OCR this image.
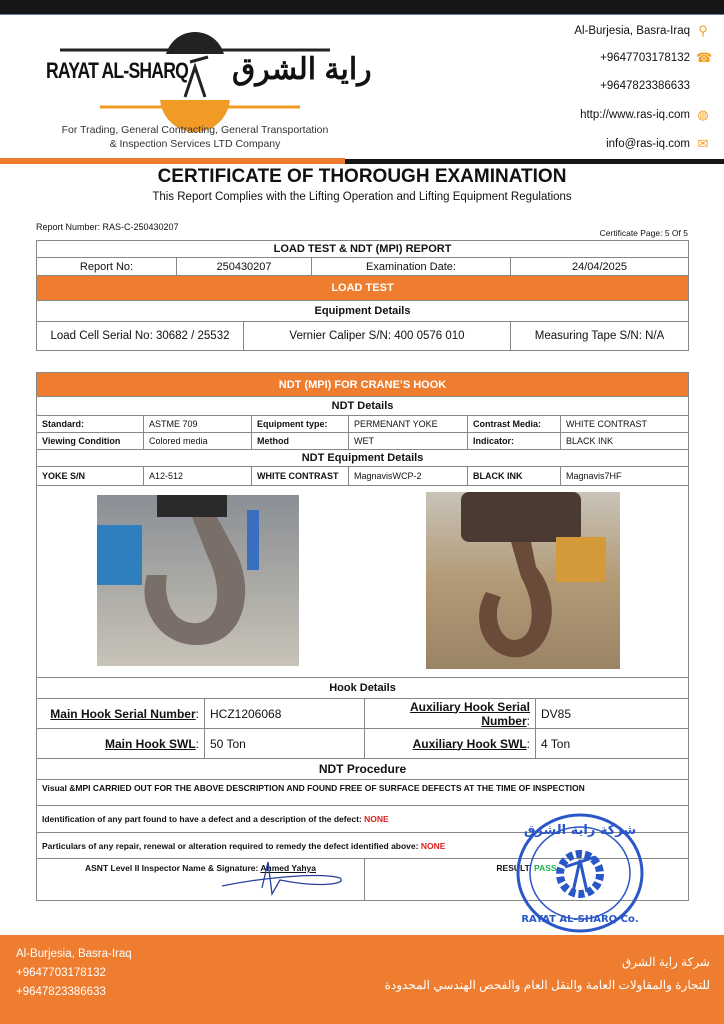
RAYAT AL-SHARQ راية الشرق
For Trading, General Contracting, General Transportation
& Inspection Services LTD Company
Al-Burjesia, Basra-Iraq ⚲
+9647703178132 ☎
+9647823386633
http://www.ras-iq.com ◍
info@ras-iq.com ✉
CERTIFICATE OF THOROUGH EXAMINATION
This Report Complies with the Lifting Operation and Lifting Equipment Regulations
Report Number: RAS-C-250430207
Certificate Page: 5 Of 5
LOAD TEST & NDT (MPI) REPORT				
Report No:	250430207		Examination Date:	24/04/2025
LOAD TEST				
Equipment Details				
Load Cell Serial No: 30682 / 25532		Vernier Caliper S/N: 400 0576 010		Measuring Tape S/N: N/A
NDT (MPI) FOR CRANE’S HOOK					
NDT Details					
Standard:	ASTME 709	Equipment type:	PERMENANT YOKE	Contrast Media:	WHITE CONTRAST
Viewing Condition	Colored media	Method	WET	Indicator:	BLACK INK
NDT Equipment Details					
YOKE S/N	A12-512	WHITE CONTRAST	MagnavisWCP-2	BLACK INK	Magnavis7HF

Hook Details			
Main Hook Serial Number:	HCZ1206068	Auxiliary Hook Serial Number:	DV85
Main Hook SWL:	50 Ton	Auxiliary Hook SWL:	4 Ton
NDT Procedure			
Visual &MPI CARRIED OUT FOR THE ABOVE DESCRIPTION AND FOUND FREE OF SURFACE DEFECTS AT THE TIME OF INSPECTION			
Identification of any part found to have a defect and a description of the defect: NONE			
Particulars of any repair, renewal or alteration required to remedy the defect identified above: NONE			
ASNT Level II Inspector Name & Signature: Ahmed Yahya		RESULT: PASS	
شركة راية الشرق
RAYAT AL-SHARQ Co.
Al-Burjesia, Basra-Iraq
+9647703178132
+9647823386633
شركة راية الشرق
للتجارة والمقاولات العامة والنقل العام والفحص الهندسي المحدودة
